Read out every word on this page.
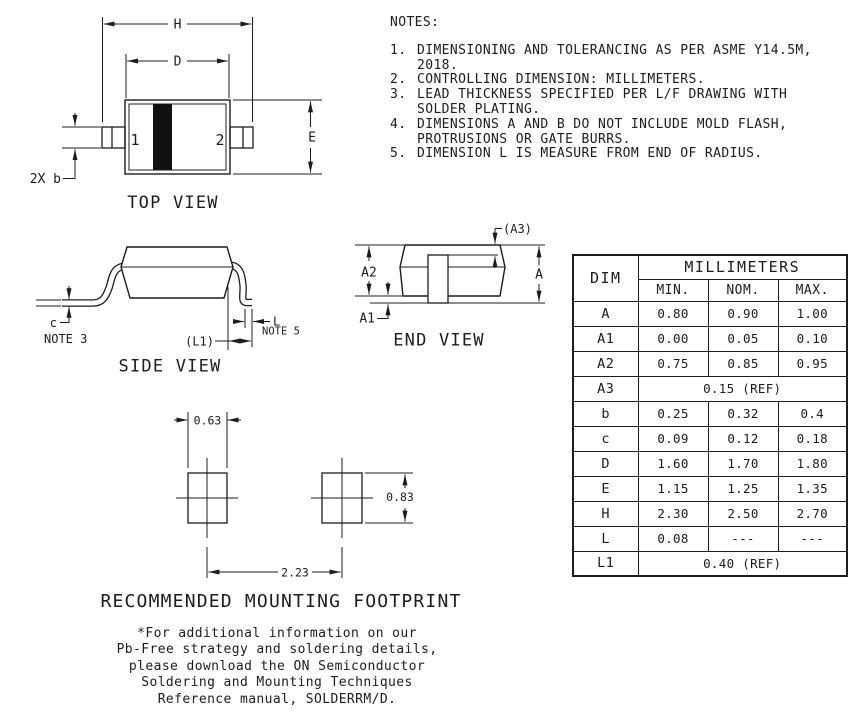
H
D
E
2X b
1	2
TOP VIEW
c
NOTE 3	(L1)
L
NOTE 5
SIDE VIEW
A2
A1
A
(A3)
END VIEW
0.63
0.83
2.23
RECOMMENDED MOUNTING FOOTPRINT

NOTES:

1. DIMENSIONING AND TOLERANCING AS PER ASME Y14.5M, 2018.
2. CONTROLLING DIMENSION: MILLIMETERS.
3. LEAD THICKNESS SPECIFIED PER L/F DRAWING WITH SOLDER PLATING.
4. DIMENSIONS A AND B DO NOT INCLUDE MOLD FLASH, PROTRUSIONS OR GATE BURRS.
5. DIMENSION L IS MEASURE FROM END OF RADIUS.
DIM	MILLIMETERS		
	MIN.	NOM.	MAX.
A	0.80	0.90	1.00
A1	0.00	0.05	0.10
A2	0.75	0.85	0.95
A3	0.15 (REF)		
b	0.25	0.32	0.4
c	0.09	0.12	0.18
D	1.60	1.70	1.80
E	1.15	1.25	1.35
H	2.30	2.50	2.70
L	0.08	---	---
L1	0.40 (REF)		
*For additional information on our
Pb-Free strategy and soldering details,
please download the ON Semiconductor
Soldering and Mounting Techniques
Reference manual, SOLDERRM/D.
